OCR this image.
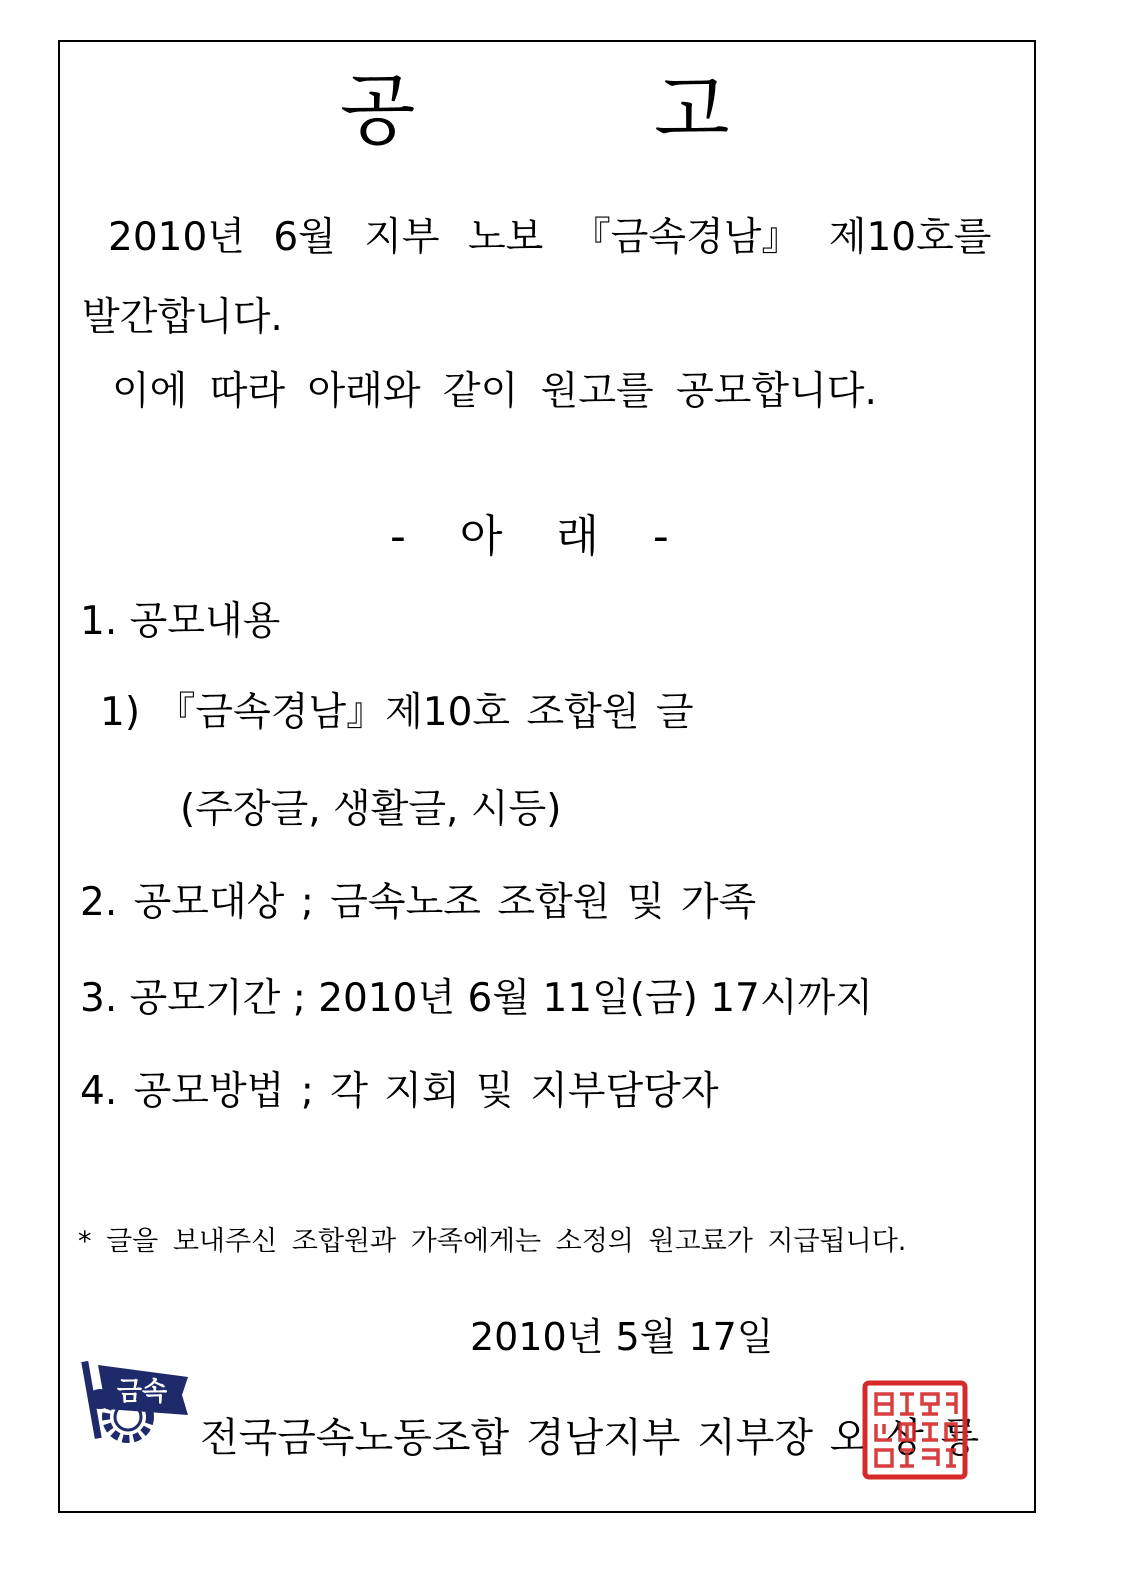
공 고
2010년 6월 지부 노보 『금속경남』 제10호를
발간합니다.
이에 따라 아래와 같이 원고를 공모합니다.
- 아 래 -
1. 공모내용
1) 『금속경남』제10호 조합원 글
(주장글, 생활글, 시등)
2. 공모대상 ; 금속노조 조합원 및 가족
3. 공모기간 ; 2010년 6월 11일(금) 17시까지
4. 공모방법 ; 각 지회 및 지부담당자
* 글을 보내주신 조합원과 가족에게는 소정의 원고료가 지급됩니다.
2010년 5월 17일
금속
전국금속노동조합 경남지부 지부장 오 상 룡
